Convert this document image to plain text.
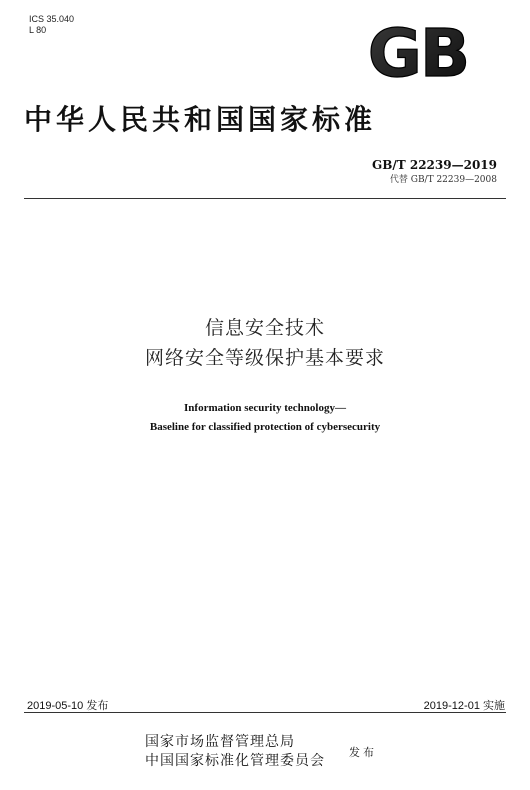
ICS 35.040
L 80	GB
中华人民共和国国家标准
GB/T 22239—2019
代替 GB/T 22239—2008
信息安全技术
网络安全等级保护基本要求
Information security technology—
Baseline for classified protection of cybersecurity
2019-05-10 发布	2019-12-01 实施
国家市场监督管理总局
中国国家标准化管理委员会
发布
